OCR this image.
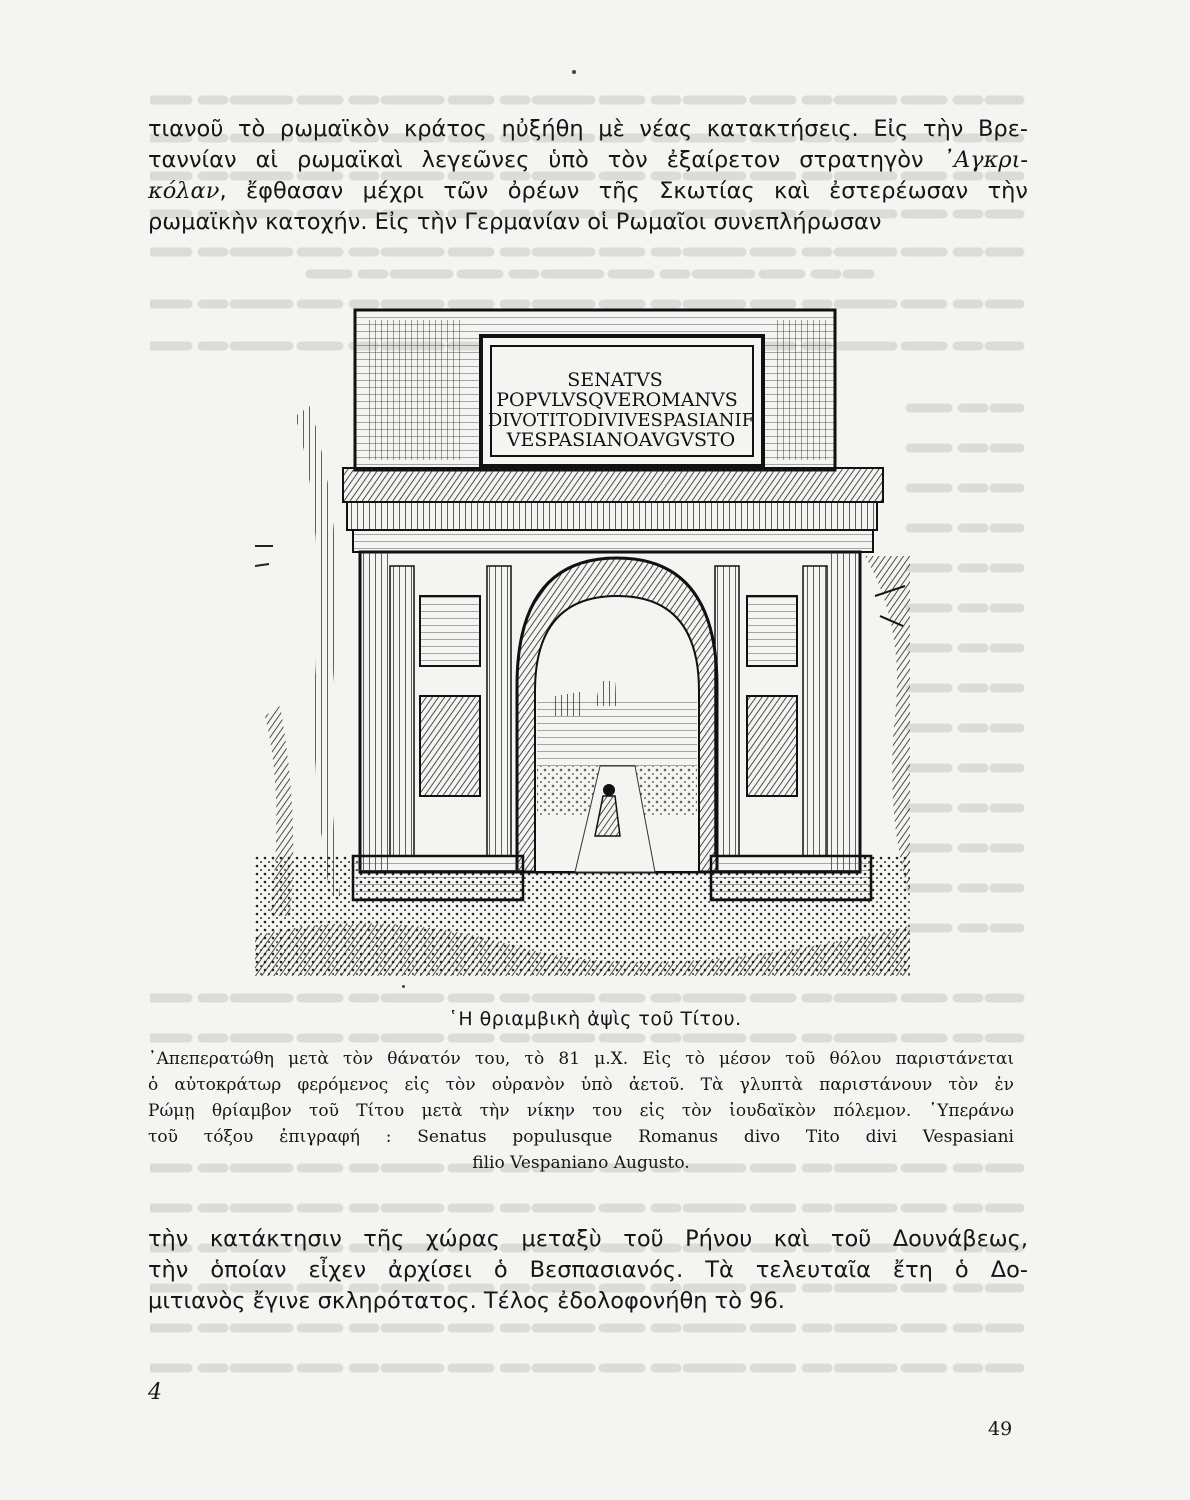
τιανοῦ τὸ ρωμαϊκὸν κράτος ηὐξήθη μὲ νέας κατακτήσεις. Εἰς τὴν Βρε-
ταννίαν αἱ ρωμαϊκαὶ λεγεῶνες ὑπὸ τὸν ἐξαίρετον στρατηγὸν ᾿Αγκρι-
κόλαν, ἔφθασαν μέχρι τῶν ὀρέων τῆς Σκωτίας καὶ ἐστερέωσαν τὴν
ρωμαϊκὴν κατοχήν. Εἰς τὴν Γερμανίαν οἱ Ρωμαῖοι συνεπλήρωσαν

SENATVS
POPVLVSQVEROMANVS
DIVOTITODIVIVESPASIANIF
VESPASIANOAVGVSTO
῾Η θριαμβικὴ ἀψὶς τοῦ Τίτου.

᾿Απεπερατώθη μετὰ τὸν θάνατόν του, τὸ 81 μ.Χ. Εἰς τὸ μέσον τοῦ θόλου παριστάνεται
ὁ αὐτοκράτωρ φερόμενος εἰς τὸν οὐρανὸν ὑπὸ ἀετοῦ. Τὰ γλυπτὰ παριστάνουν τὸν ἐν
Ρώμῃ θρίαμβον τοῦ Τίτου μετὰ τὴν νίκην του εἰς τὸν ἰουδαϊκὸν πόλεμον. ῾Υπεράνω
τοῦ τόξου ἐπιγραφή : Senatus populusque Romanus divo Tito divi Vespasiani
filio Vespaniano Augusto.

τὴν κατάκτησιν τῆς χώρας μεταξὺ τοῦ Ρήνου καὶ τοῦ Δουνάβεως,
τὴν ὁποίαν εἶχεν ἀρχίσει ὁ Βεσπασιανός. Τὰ τελευταῖα ἔτη ὁ Δο-
μιτιανὸς ἔγινε σκληρότατος. Τέλος ἐδολοφονήθη τὸ 96.

4
49
